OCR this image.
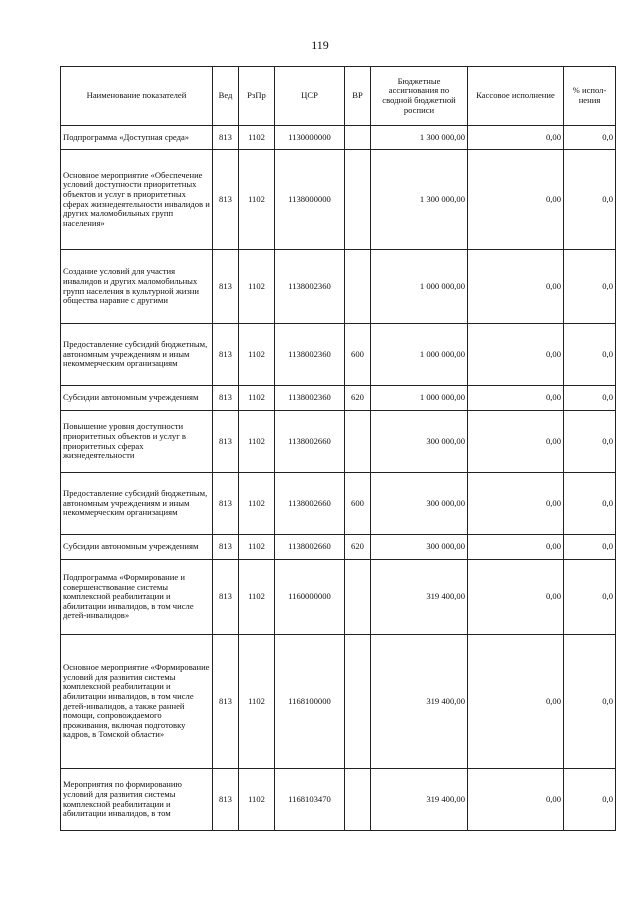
119
Наименование показателей	Вед	РзПр	ЦСР	ВР	Бюджетные ассигнования по сводной бюджетной росписи	Кассовое исполнение	% испол-нения
Подпрограмма «Доступная среда»	813	1102	1130000000		1 300 000,00	0,00	0,0
Основное мероприятие «Обеспечение условий доступности приоритетных объектов и услуг в приоритетных сферах жизнедеятельности инвалидов и других маломобильных групп населения»	813	1102	1138000000		1 300 000,00	0,00	0,0
Создание условий для участия инвалидов и других маломобильных групп населения в культурной жизни общества наравне с другими	813	1102	1138002360		1 000 000,00	0,00	0,0
Предоставление субсидий бюджетным, автономным учреждениям и иным некоммерческим организациям	813	1102	1138002360	600	1 000 000,00	0,00	0,0
Субсидии автономным учреждениям	813	1102	1138002360	620	1 000 000,00	0,00	0,0
Повышение уровня доступности приоритетных объектов и услуг в приоритетных сферах жизнедеятельности	813	1102	1138002660		300 000,00	0,00	0,0
Предоставление субсидий бюджетным, автономным учреждениям и иным некоммерческим организациям	813	1102	1138002660	600	300 000,00	0,00	0,0
Субсидии автономным учреждениям	813	1102	1138002660	620	300 000,00	0,00	0,0
Подпрограмма «Формирование и совершенствование системы комплексной реабилитации и абилитации инвалидов, в том числе детей-инвалидов»	813	1102	1160000000		319 400,00	0,00	0,0
Основное мероприятие «Формирование условий для развития системы комплексной реабилитации и абилитации инвалидов, в том числе детей-инвалидов, а также ранней помощи, сопровождаемого проживания, включая подготовку кадров, в Томской области»	813	1102	1168100000		319 400,00	0,00	0,0
Мероприятия по формированию условий для развития системы комплексной реабилитации и абилитации инвалидов, в том	813	1102	1168103470		319 400,00	0,00	0,0
